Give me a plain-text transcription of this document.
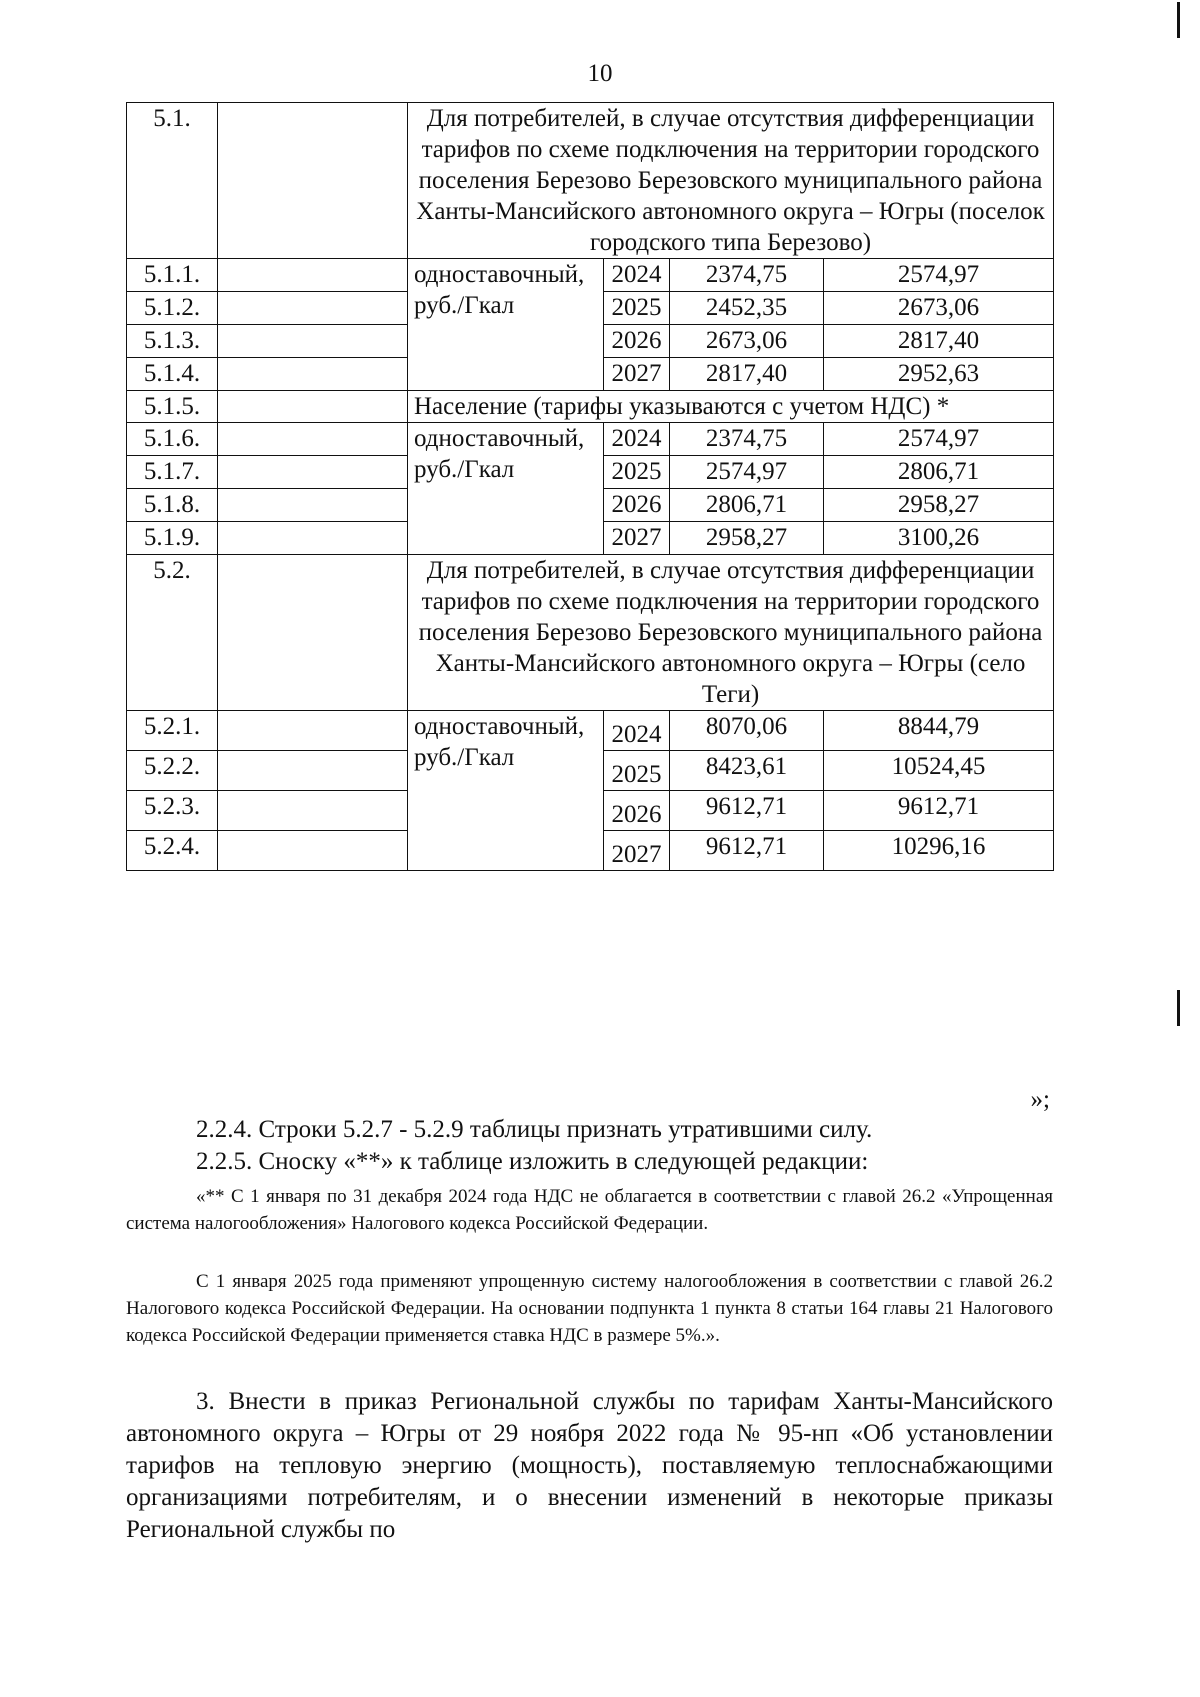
10
5.1.		Для потребителей, в случае отсутствия дифференциации тарифов по схеме подключения на территории городского поселения Березово Березовского муниципального района Ханты-Мансийского автономного округа – Югры (поселок городского типа Березово)			
5.1.1.		одноставочный, руб./Гкал	2024	2374,75	2574,97
5.1.2.			2025	2452,35	2673,06
5.1.3.			2026	2673,06	2817,40
5.1.4.			2027	2817,40	2952,63
5.1.5.		Население (тарифы указываются с учетом НДС) *			
5.1.6.		одноставочный, руб./Гкал	2024	2374,75	2574,97
5.1.7.			2025	2574,97	2806,71
5.1.8.			2026	2806,71	2958,27
5.1.9.			2027	2958,27	3100,26
5.2.		Для потребителей, в случае отсутствия дифференциации тарифов по схеме подключения на территории городского поселения Березово Березовского муниципального района Ханты-Мансийского автономного округа – Югры (село Теги)			
5.2.1.		одноставочный, руб./Гкал	2024	8070,06	8844,79
5.2.2.			2025	8423,61	10524,45
5.2.3.			2026	9612,71	9612,71
5.2.4.			2027	9612,71	10296,16
»;
2.2.4. Строки 5.2.7 - 5.2.9 таблицы признать утратившими силу.
2.2.5. Сноску «**» к таблице изложить в следующей редакции:
«** С 1 января по 31 декабря 2024 года НДС не облагается в соответствии с главой 26.2 «Упрощенная система налогообложения» Налогового кодекса Российской Федерации.
С 1 января 2025 года применяют упрощенную систему налогообложения в соответствии с главой 26.2 Налогового кодекса Российской Федерации. На основании подпункта 1 пункта 8 статьи 164 главы 21 Налогового кодекса Российской Федерации применяется ставка НДС в размере 5%.».
3. Внести в приказ Региональной службы по тарифам Ханты-Мансийского автономного округа – Югры от 29 ноября 2022 года № 95-нп «Об установлении тарифов на тепловую энергию (мощность), поставляемую теплоснабжающими организациями потребителям, и о внесении изменений в некоторые приказы Региональной службы по
